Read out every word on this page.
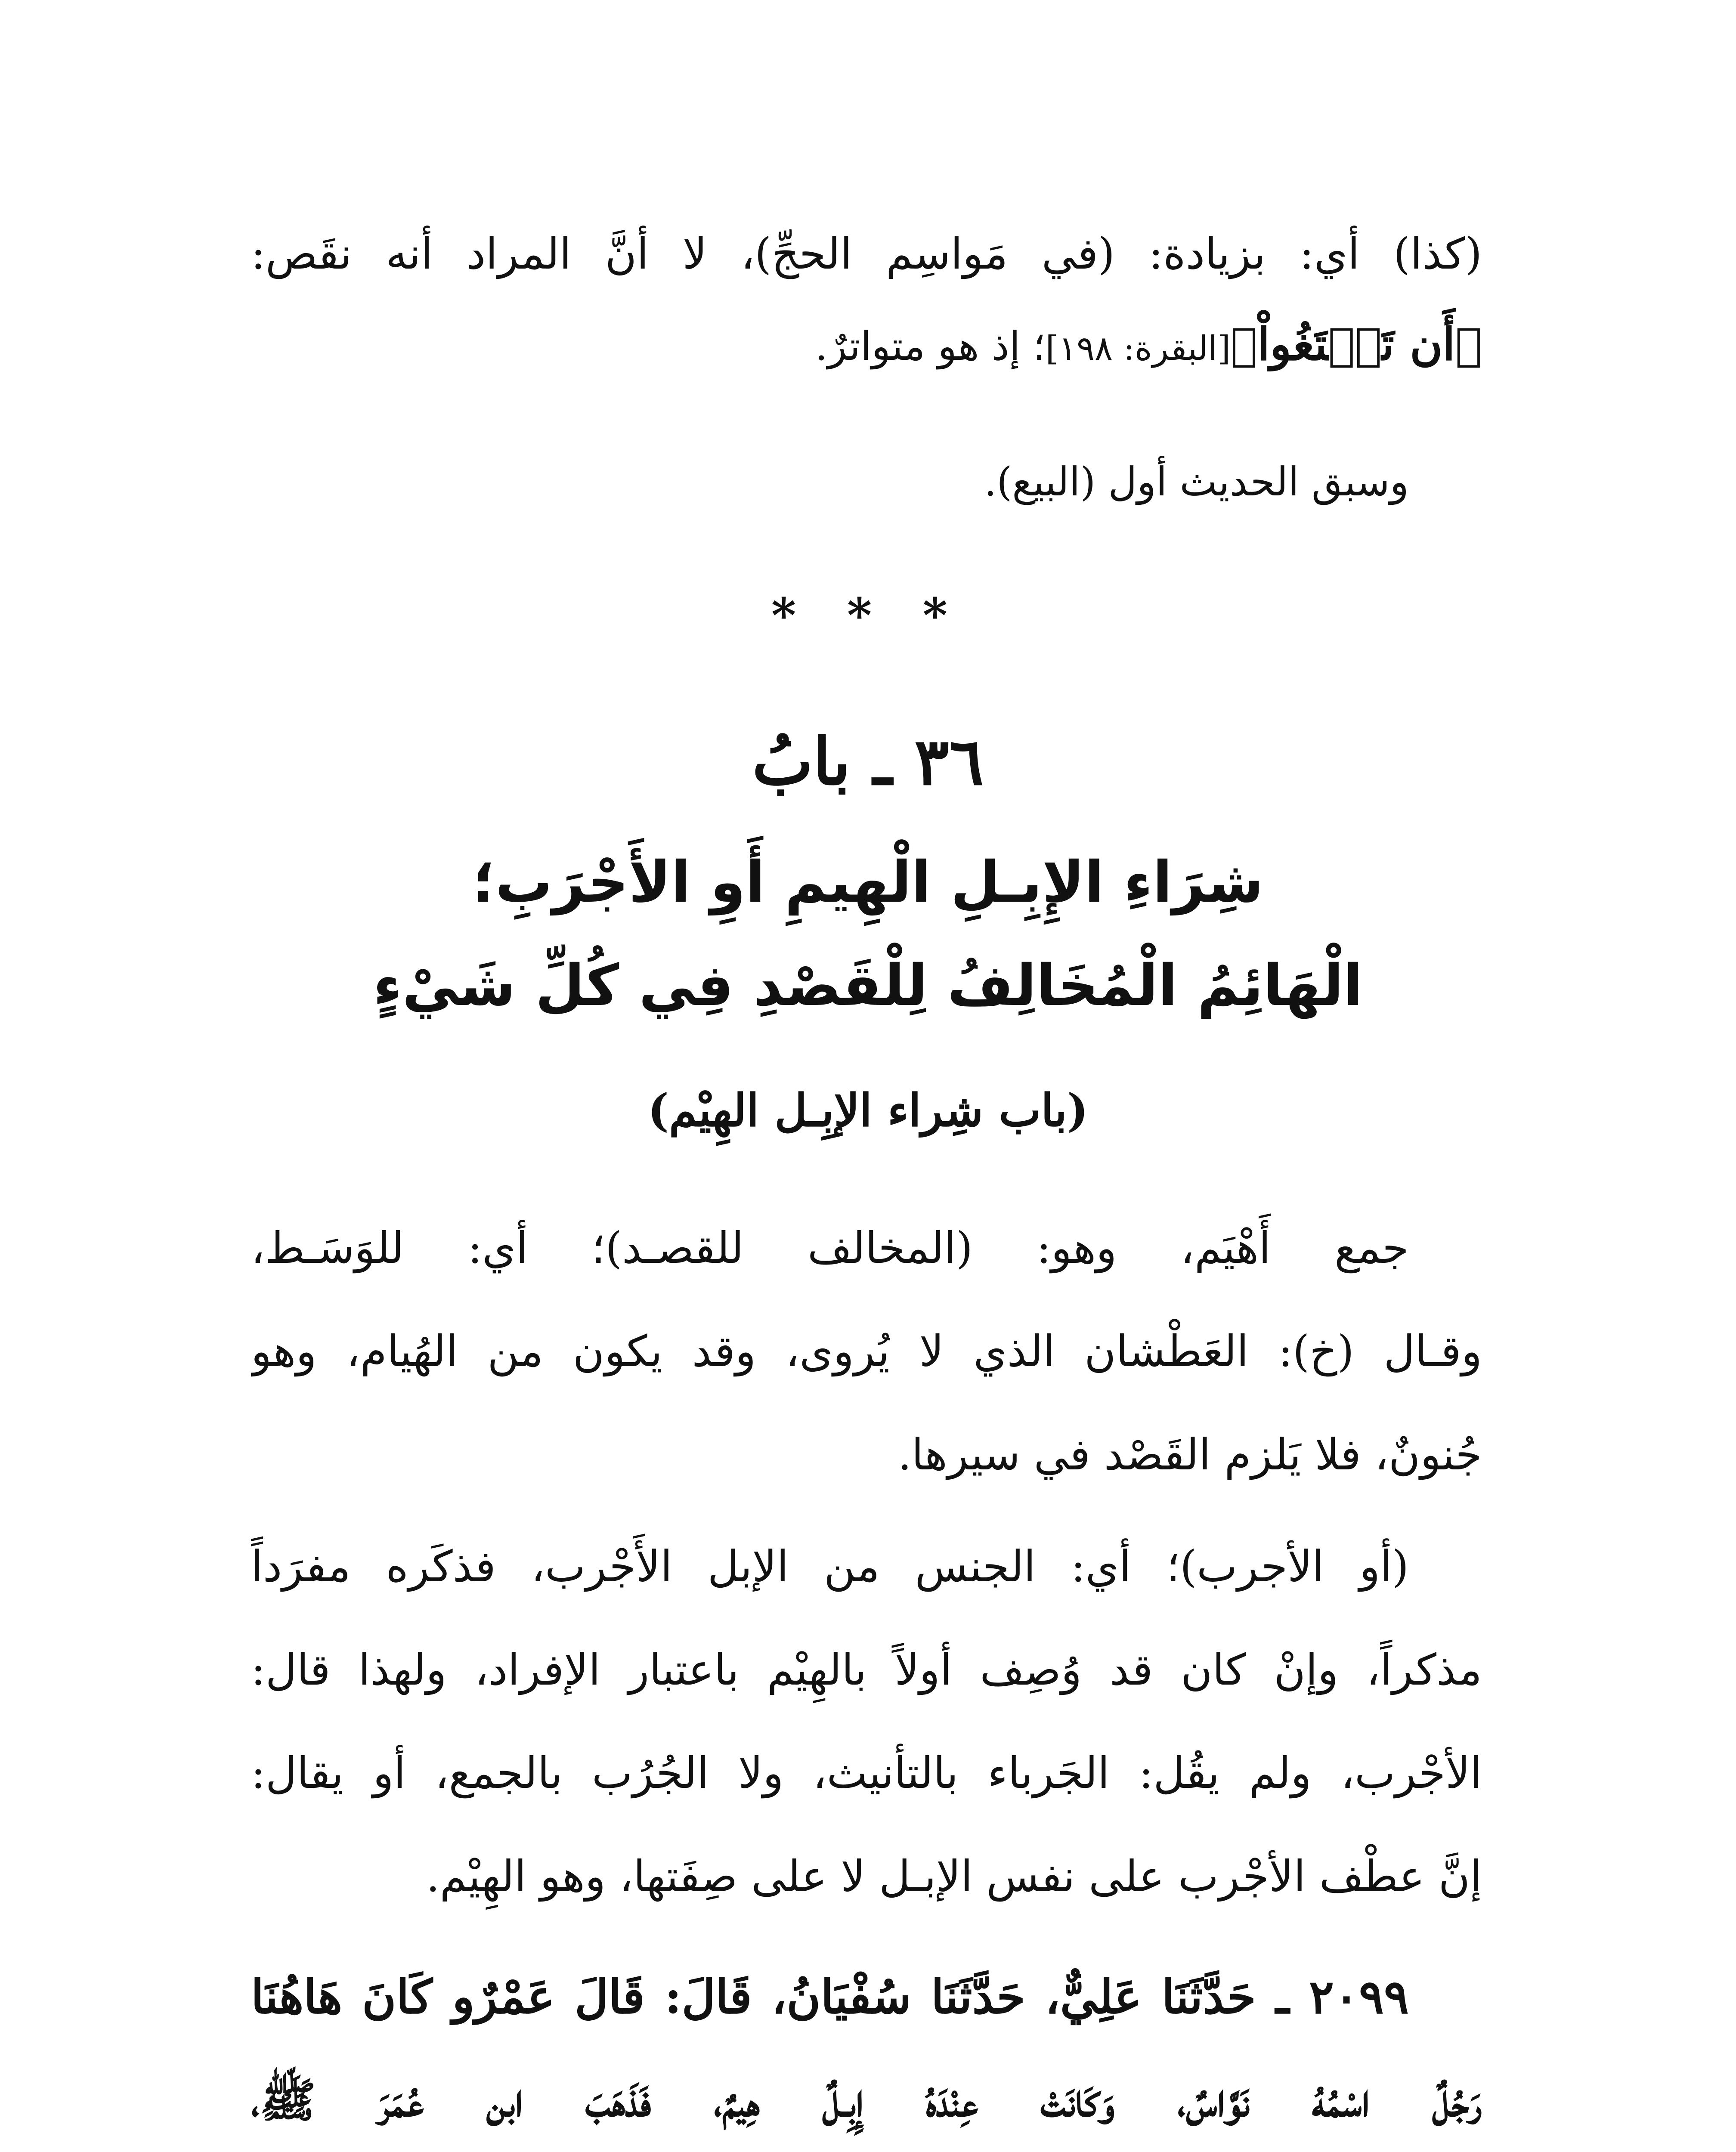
(كذا) أي: بزيادة: (في مَواسِم الحجِّ)، لا أنَّ المراد أنه نقَص:
﴿أَن تَبۡتَغُواْ﴾[البقرة: ١٩٨]؛ إذ هو متواترٌ.
وسبق الحديث أول (البيع).
* * *
٣٦ ـ بابُ
شِرَاءِ الإِبِـلِ الْهِيمِ أَوِ الأَجْرَبِ؛
الْهَائِمُ الْمُخَالِفُ لِلْقَصْدِ فِي كُلِّ شَيْءٍ
(باب شِراء الإبِـل الهِيْم)
جمع أَهْيَم، وهو: (المخالف للقصـد)؛ أي: للوَسَـط،
وقـال (خ): العَطْشان الذي لا يُروى، وقد يكون من الهُيام، وهو
جُنونٌ، فلا يَلزم القَصْد في سيرها.
(أو الأجرب)؛ أي: الجنس من الإبل الأَجْرب، فذكَره مفرَداً
مذكراً، وإنْ كان قد وُصِف أولاً بالهِيْم باعتبار الإفراد، ولهذا قال:
الأجْرب، ولم يقُل: الجَرباء بالتأنيث، ولا الجُرُب بالجمع، أو يقال:
إنَّ عطْف الأجْرب على نفس الإبـل لا على صِفَتها، وهو الهِيْم.
٢٠٩٩ ـ حَدَّثَنَا عَلِيٌّ، حَدَّثَنَا سُفْيَانُ، قَالَ: قَالَ عَمْرٌو كَانَ هَاهُنَا
رَجُلٌ اسْمُهُ نَوَّاسٌ، وَكَانَتْ عِنْدَهُ إِبِـلٌ هِيمٌ، فَذَهَبَ ابن عُمَرَ ﷺ،
